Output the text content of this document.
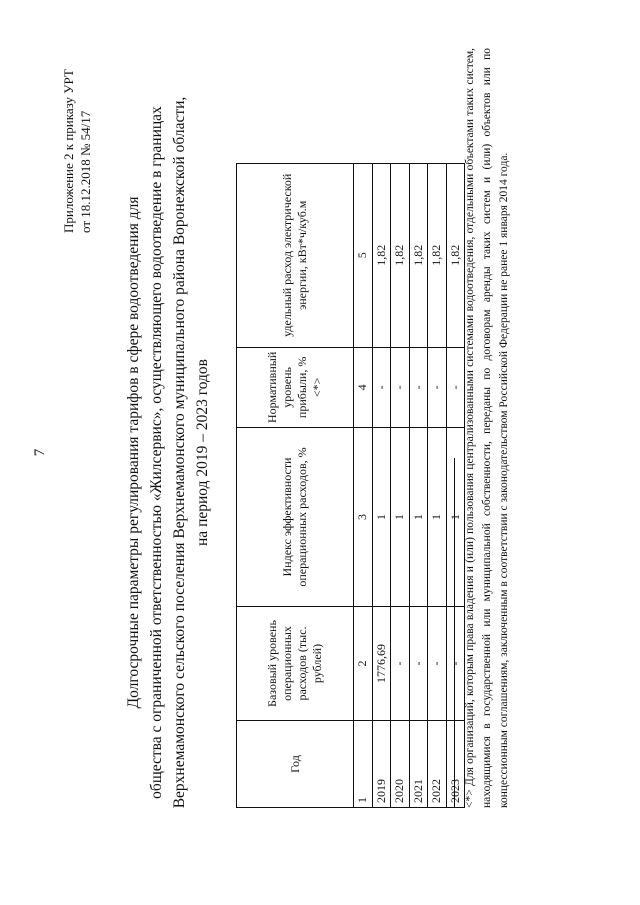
7
Приложение 2 к приказу УРТ от 18.12.2018 № 54/17
Долгосрочные параметры регулирования тарифов в сфере водоотведения для общества с ограниченной ответственностью «Жилсервис», осуществляющего водоотведение в границах Верхнемамонского сельского поселения Верхнемамонского муниципального района Воронежской области, на период 2019 – 2023 годов
Год	Базовый уровень операционных расходов (тыс. рублей)	Индекс эффективности операционных расходов, %	Нормативный уровень прибыли, % <*>	удельный расход электрической энергии, кВт*ч/куб.м
1	2	3	4	5
2019	1776,69	1	-	1,82
2020	-	1	-	1,82
2021	-	1	-	1,82
2022	-	1	-	1,82
2023	-	1	-	1,82 <*> Для организаций, которым права владения и (или) пользования централизованными системами водоотведения, отдельными объектами таких систем, находящимися в государственной или муниципальной собственности, переданы по договорам аренды таких систем и (или) объектов или по концессионным соглашениям, заключенным в соответствии с законодательством Российской Федерации не ранее 1 января 2014 года.
